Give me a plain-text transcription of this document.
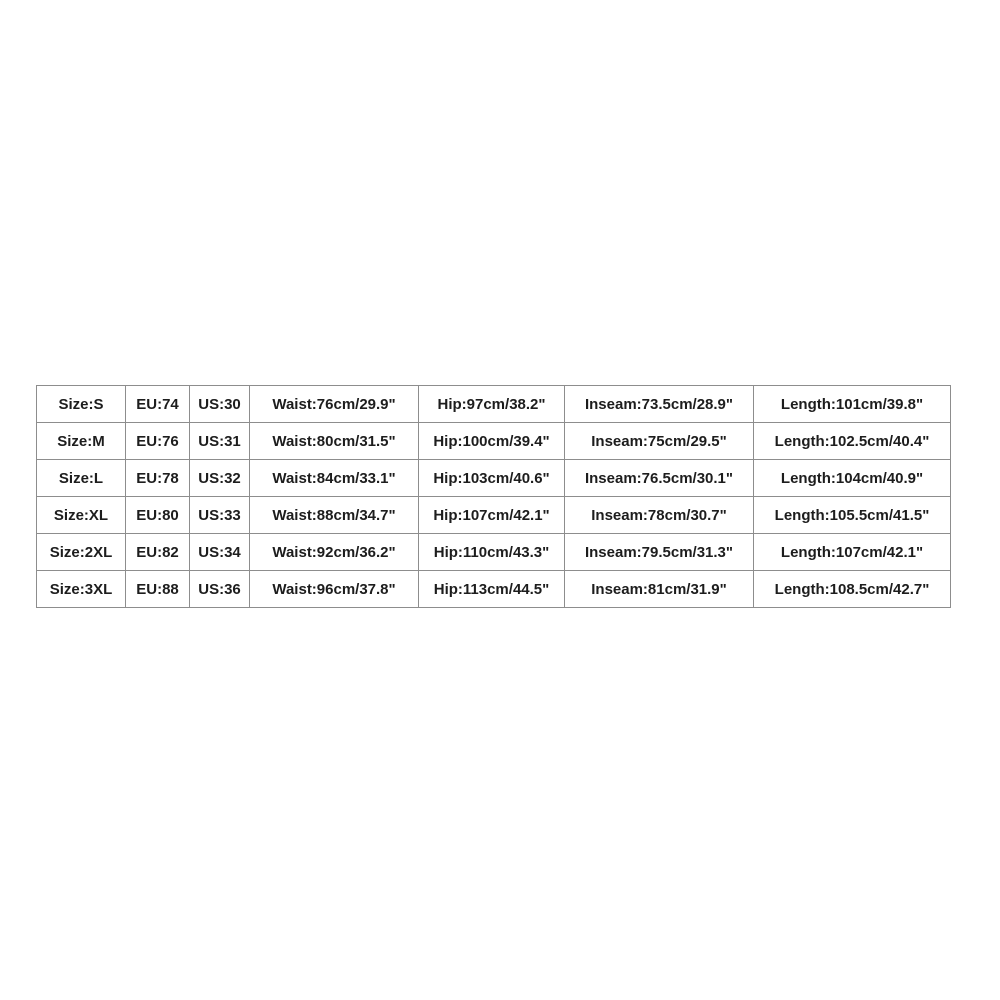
Size:S	EU:74	US:30	Waist:76cm/29.9"	Hip:97cm/38.2"	Inseam:73.5cm/28.9"	Length:101cm/39.8"
Size:M	EU:76	US:31	Waist:80cm/31.5"	Hip:100cm/39.4"	Inseam:75cm/29.5"	Length:102.5cm/40.4"
Size:L	EU:78	US:32	Waist:84cm/33.1"	Hip:103cm/40.6"	Inseam:76.5cm/30.1"	Length:104cm/40.9"
Size:XL	EU:80	US:33	Waist:88cm/34.7"	Hip:107cm/42.1"	Inseam:78cm/30.7"	Length:105.5cm/41.5"
Size:2XL	EU:82	US:34	Waist:92cm/36.2"	Hip:110cm/43.3"	Inseam:79.5cm/31.3"	Length:107cm/42.1"
Size:3XL	EU:88	US:36	Waist:96cm/37.8"	Hip:113cm/44.5"	Inseam:81cm/31.9"	Length:108.5cm/42.7"
